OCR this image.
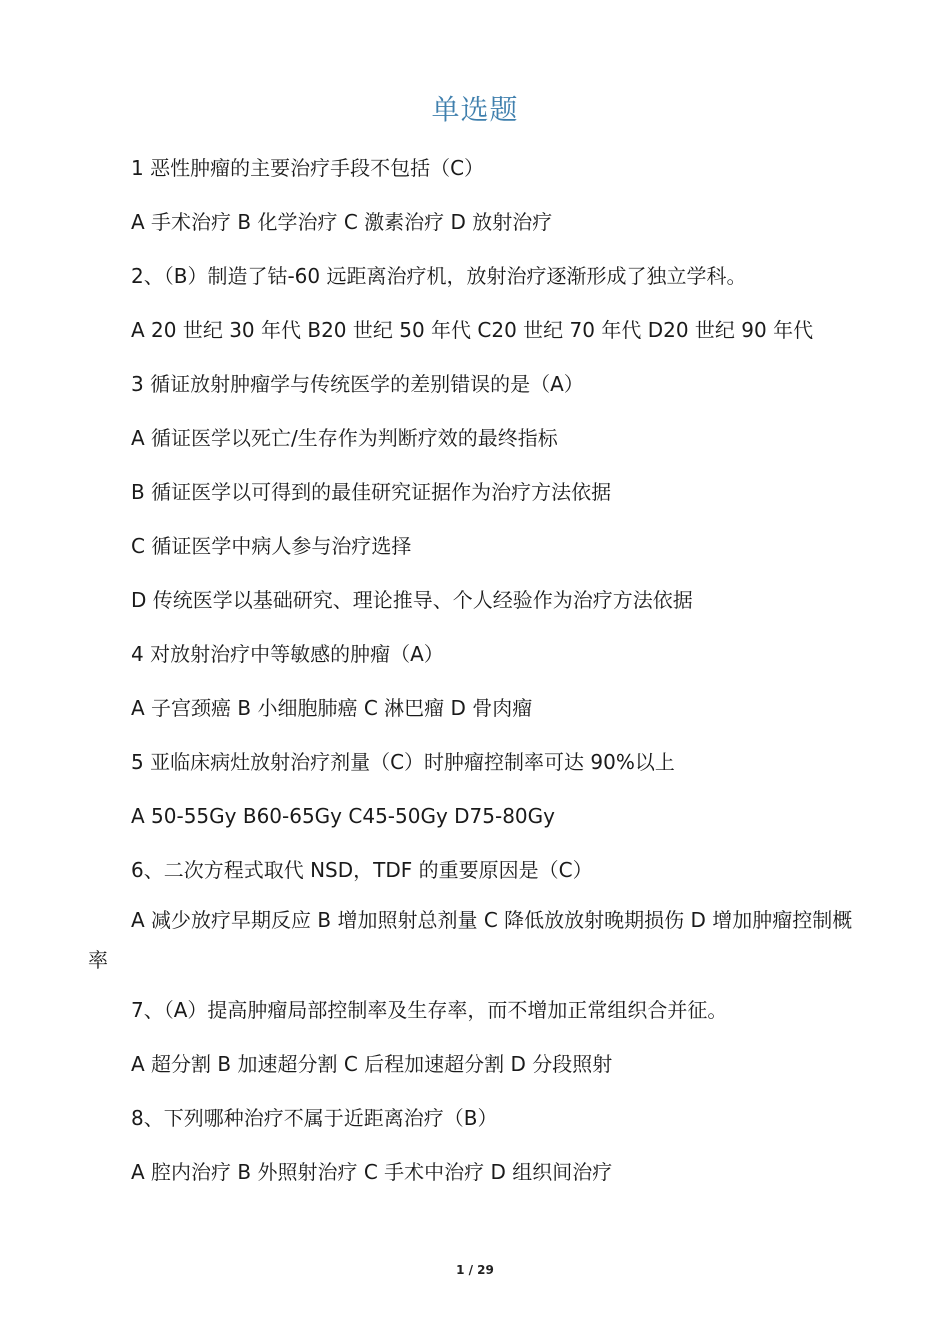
单选题
1 恶性肿瘤的主要治疗手段不包括（C）
A 手术治疗 B 化学治疗 C 激素治疗 D 放射治疗
2、（B）制造了钴-60 远距离治疗机，放射治疗逐渐形成了独立学科。
A 20 世纪 30 年代 B20 世纪 50 年代 C20 世纪 70 年代 D20 世纪 90 年代
3 循证放射肿瘤学与传统医学的差别错误的是（A）
A 循证医学以死亡/生存作为判断疗效的最终指标
B 循证医学以可得到的最佳研究证据作为治疗方法依据
C 循证医学中病人参与治疗选择
D 传统医学以基础研究、理论推导、个人经验作为治疗方法依据
4 对放射治疗中等敏感的肿瘤（A）
A 子宫颈癌 B 小细胞肺癌 C 淋巴瘤 D 骨肉瘤
5 亚临床病灶放射治疗剂量（C）时肿瘤控制率可达 90%以上
A 50-55Gy B60-65Gy C45-50Gy D75-80Gy
6、二次方程式取代 NSD，TDF 的重要原因是（C）
A 减少放疗早期反应 B 增加照射总剂量 C 降低放放射晚期损伤 D 增加肿瘤控制概率
7、（A）提高肿瘤局部控制率及生存率，而不增加正常组织合并征。
A 超分割 B 加速超分割 C 后程加速超分割 D 分段照射
8、下列哪种治疗不属于近距离治疗（B）
A 腔内治疗 B 外照射治疗 C 手术中治疗 D 组织间治疗
1 / 29
